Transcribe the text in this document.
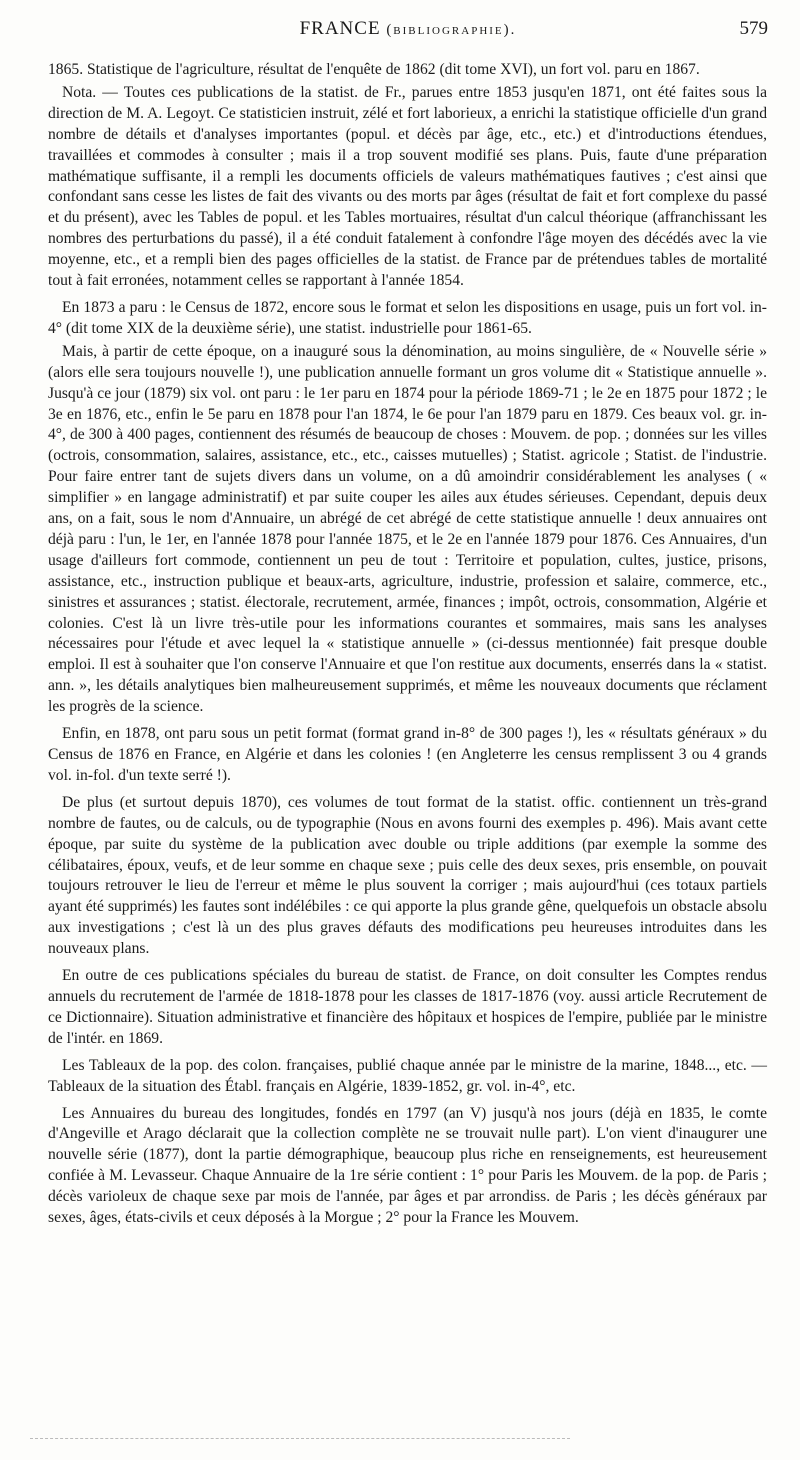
FRANCE (bibliographie).	579

1865. Statistique de l'agriculture, résultat de l'enquête de 1862 (dit tome XVI), un fort vol. paru en 1867.

Nota. — Toutes ces publications de la statist. de Fr., parues entre 1853 jusqu'en 1871, ont été faites sous la direction de M. A. Legoyt. Ce statisticien instruit, zélé et fort laborieux, a enrichi la statistique officielle d'un grand nombre de détails et d'analyses importantes (popul. et décès par âge, etc., etc.) et d'introductions étendues, travaillées et commodes à consulter ; mais il a trop souvent modifié ses plans. Puis, faute d'une préparation mathématique suffisante, il a rempli les documents officiels de valeurs mathématiques fautives ; c'est ainsi que confondant sans cesse les listes de fait des vivants ou des morts par âges (résultat de fait et fort complexe du passé et du présent), avec les Tables de popul. et les Tables mortuaires, résultat d'un calcul théorique (affranchissant les nombres des perturbations du passé), il a été conduit fatalement à confondre l'âge moyen des décédés avec la vie moyenne, etc., et a rempli bien des pages officielles de la statist. de France par de prétendues tables de mortalité tout à fait erronées, notamment celles se rapportant à l'année 1854.

En 1873 a paru : le Census de 1872, encore sous le format et selon les dispositions en usage, puis un fort vol. in-4° (dit tome XIX de la deuxième série), une statist. industrielle pour 1861-65.

Mais, à partir de cette époque, on a inauguré sous la dénomination, au moins singulière, de « Nouvelle série » (alors elle sera toujours nouvelle !), une publication annuelle formant un gros volume dit « Statistique annuelle ». Jusqu'à ce jour (1879) six vol. ont paru : le 1er paru en 1874 pour la période 1869-71 ; le 2e en 1875 pour 1872 ; le 3e en 1876, etc., enfin le 5e paru en 1878 pour l'an 1874, le 6e pour l'an 1879 paru en 1879. Ces beaux vol. gr. in-4°, de 300 à 400 pages, contiennent des résumés de beaucoup de choses : Mouvem. de pop. ; données sur les villes (octrois, consommation, salaires, assistance, etc., etc., caisses mutuelles) ; Statist. agricole ; Statist. de l'industrie. Pour faire entrer tant de sujets divers dans un volume, on a dû amoindrir considérablement les analyses ( « simplifier » en langage administratif) et par suite couper les ailes aux études sérieuses. Cependant, depuis deux ans, on a fait, sous le nom d'Annuaire, un abrégé de cet abrégé de cette statistique annuelle ! deux annuaires ont déjà paru : l'un, le 1er, en l'année 1878 pour l'année 1875, et le 2e en l'année 1879 pour 1876. Ces Annuaires, d'un usage d'ailleurs fort commode, contiennent un peu de tout : Territoire et population, cultes, justice, prisons, assistance, etc., instruction publique et beaux-arts, agriculture, industrie, profession et salaire, commerce, etc., sinistres et assurances ; statist. électorale, recrutement, armée, finances ; impôt, octrois, consommation, Algérie et colonies. C'est là un livre très-utile pour les informations courantes et sommaires, mais sans les analyses nécessaires pour l'étude et avec lequel la « statistique annuelle » (ci-dessus mentionnée) fait presque double emploi. Il est à souhaiter que l'on conserve l'Annuaire et que l'on restitue aux documents, enserrés dans la « statist. ann. », les détails analytiques bien malheureusement supprimés, et même les nouveaux documents que réclament les progrès de la science.

Enfin, en 1878, ont paru sous un petit format (format grand in-8° de 300 pages !), les « résultats généraux » du Census de 1876 en France, en Algérie et dans les colonies ! (en Angleterre les census remplissent 3 ou 4 grands vol. in-fol. d'un texte serré !).

De plus (et surtout depuis 1870), ces volumes de tout format de la statist. offic. contiennent un très-grand nombre de fautes, ou de calculs, ou de typographie (Nous en avons fourni des exemples p. 496). Mais avant cette époque, par suite du système de la publication avec double ou triple additions (par exemple la somme des célibataires, époux, veufs, et de leur somme en chaque sexe ; puis celle des deux sexes, pris ensemble, on pouvait toujours retrouver le lieu de l'erreur et même le plus souvent la corriger ; mais aujourd'hui (ces totaux partiels ayant été supprimés) les fautes sont indélébiles : ce qui apporte la plus grande gêne, quelquefois un obstacle absolu aux investigations ; c'est là un des plus graves défauts des modifications peu heureuses introduites dans les nouveaux plans.

En outre de ces publications spéciales du bureau de statist. de France, on doit consulter les Comptes rendus annuels du recrutement de l'armée de 1818-1878 pour les classes de 1817-1876 (voy. aussi article Recrutement de ce Dictionnaire). Situation administrative et financière des hôpitaux et hospices de l'empire, publiée par le ministre de l'intér. en 1869.

Les Tableaux de la pop. des colon. françaises, publié chaque année par le ministre de la marine, 1848..., etc. — Tableaux de la situation des Établ. français en Algérie, 1839-1852, gr. vol. in-4°, etc.

Les Annuaires du bureau des longitudes, fondés en 1797 (an V) jusqu'à nos jours (déjà en 1835, le comte d'Angeville et Arago déclarait que la collection complète ne se trouvait nulle part). L'on vient d'inaugurer une nouvelle série (1877), dont la partie démographique, beaucoup plus riche en renseignements, est heureusement confiée à M. Levasseur. Chaque Annuaire de la 1re série contient : 1° pour Paris les Mouvem. de la pop. de Paris ; décès varioleux de chaque sexe par mois de l'année, par âges et par arrondiss. de Paris ; les décès généraux par sexes, âges, états-civils et ceux déposés à la Morgue ; 2° pour la France les Mouvem.
